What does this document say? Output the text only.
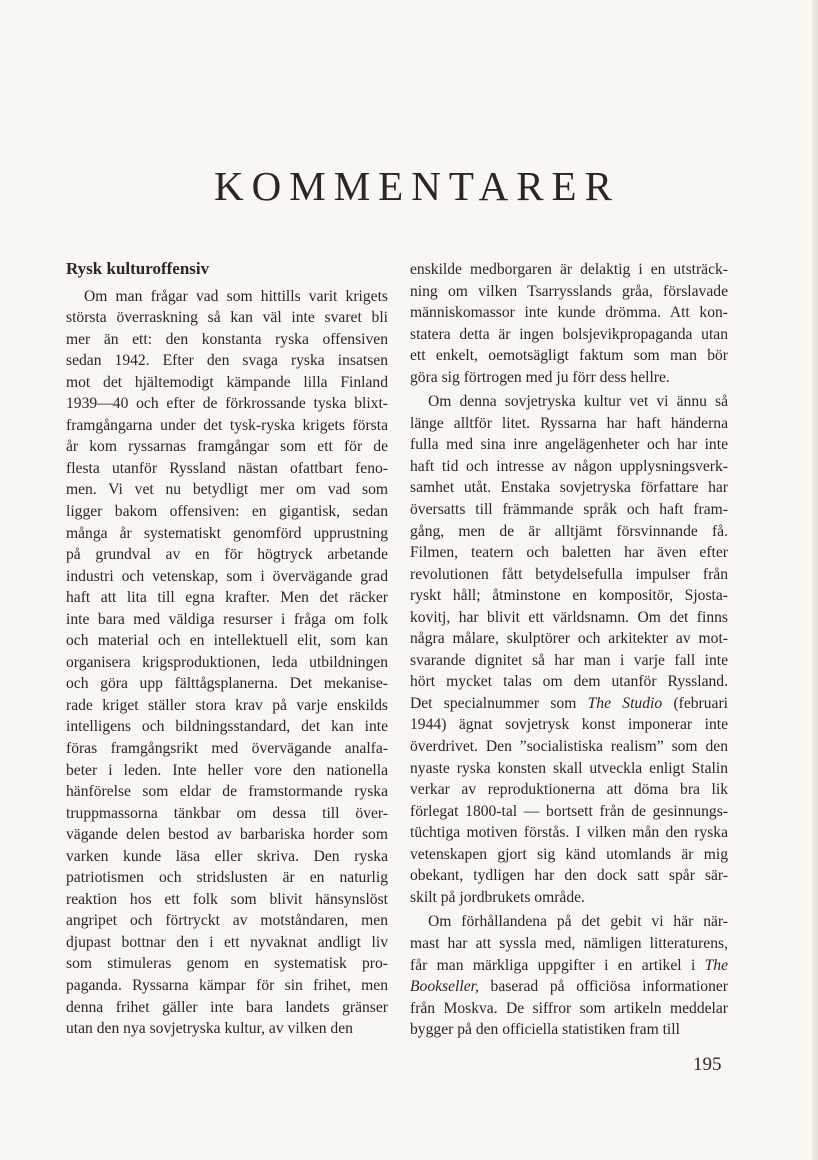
KOMMENTARER
Rysk kulturoffensiv
Om man frågar vad som hittills varit krigets
största överraskning så kan väl inte svaret bli
mer än ett: den konstanta ryska offensiven
sedan 1942. Efter den svaga ryska insatsen
mot det hjältemodigt kämpande lilla Finland
1939—40 och efter de förkrossande tyska blixt-
framgångarna under det tysk-ryska krigets första
år kom ryssarnas framgångar som ett för de
flesta utanför Ryssland nästan ofattbart feno-
men. Vi vet nu betydligt mer om vad som
ligger bakom offensiven: en gigantisk, sedan
många år systematiskt genomförd upprustning
på grundval av en för högtryck arbetande
industri och vetenskap, som i övervägande grad
haft att lita till egna krafter. Men det räcker
inte bara med väldiga resurser i fråga om folk
och material och en intellektuell elit, som kan
organisera krigsproduktionen, leda utbildningen
och göra upp fälttågsplanerna. Det mekanise-
rade kriget ställer stora krav på varje enskilds
intelligens och bildningsstandard, det kan inte
föras framgångsrikt med övervägande analfa-
beter i leden. Inte heller vore den nationella
hänförelse som eldar de framstormande ryska
truppmassorna tänkbar om dessa till över-
vägande delen bestod av barbariska horder som
varken kunde läsa eller skriva. Den ryska
patriotismen och stridslusten är en naturlig
reaktion hos ett folk som blivit hänsynslöst
angripet och förtryckt av motståndaren, men
djupast bottnar den i ett nyvaknat andligt liv
som stimuleras genom en systematisk pro-
paganda. Ryssarna kämpar för sin frihet, men
denna frihet gäller inte bara landets gränser
utan den nya sovjetryska kultur, av vilken den
enskilde medborgaren är delaktig i en utsträck-
ning om vilken Tsarrysslands gråa, förslavade
människomassor inte kunde drömma. Att kon-
statera detta är ingen bolsjevikpropaganda utan
ett enkelt, oemotsägligt faktum som man bör
göra sig förtrogen med ju förr dess hellre.
Om denna sovjetryska kultur vet vi ännu så
länge alltför litet. Ryssarna har haft händerna
fulla med sina inre angelägenheter och har inte
haft tid och intresse av någon upplysningsverk-
samhet utåt. Enstaka sovjetryska författare har
översatts till främmande språk och haft fram-
gång, men de är alltjämt försvinnande få.
Filmen, teatern och baletten har även efter
revolutionen fått betydelsefulla impulser från
ryskt håll; åtminstone en kompositör, Sjosta-
kovitj, har blivit ett världsnamn. Om det finns
några målare, skulptörer och arkitekter av mot-
svarande dignitet så har man i varje fall inte
hört mycket talas om dem utanför Ryssland.
Det specialnummer som The Studio (februari
1944) ägnat sovjetrysk konst imponerar inte
överdrivet. Den ”socialistiska realism” som den
nyaste ryska konsten skall utveckla enligt Stalin
verkar av reproduktionerna att döma bra lik
förlegat 1800-tal — bortsett från de gesinnungs-
tüchtiga motiven förstås. I vilken mån den ryska
vetenskapen gjort sig känd utomlands är mig
obekant, tydligen har den dock satt spår sär-
skilt på jordbrukets område.
Om förhållandena på det gebit vi här när-
mast har att syssla med, nämligen litteraturens,
får man märkliga uppgifter i en artikel i The
Bookseller, baserad på officiösa informationer
från Moskva. De siffror som artikeln meddelar
bygger på den officiella statistiken fram till
195
